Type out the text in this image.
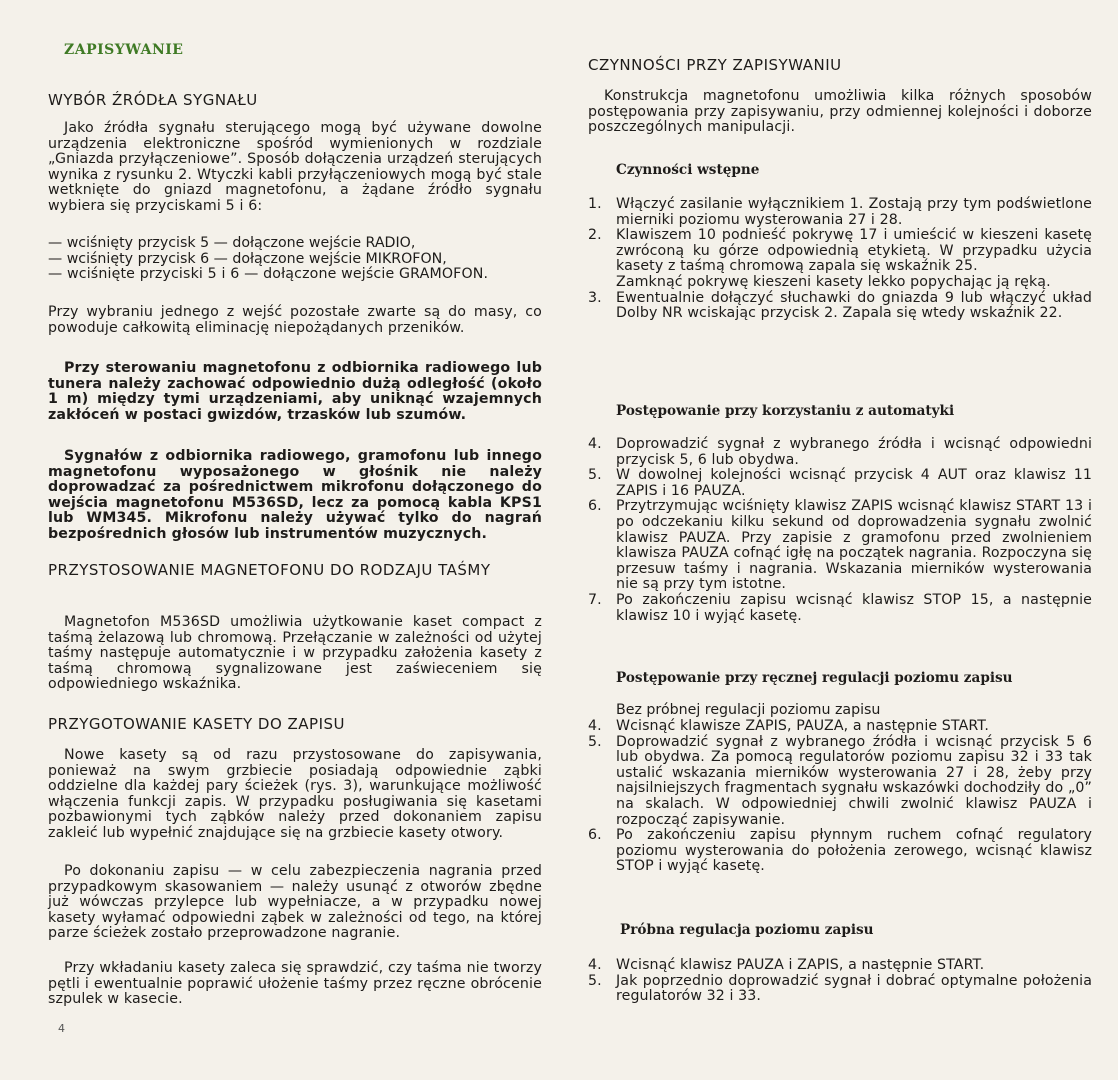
ZAPISYWANIE
WYBÓR ŹRÓDŁA SYGNAŁU
Jako źródła sygnału sterującego mogą być używane dowolne urządzenia elektroniczne spośród wymienionych w rozdziale „Gniazda przyłączeniowe”. Sposób dołączenia urządzeń sterujących wynika z rysunku 2. Wtyczki kabli przyłączeniowych mogą być stale wetknięte do gniazd magnetofonu, a żądane źródło sygnału wybiera się przyciskami 5 i 6:
— wciśnięty przycisk 5 — dołączone wejście RADIO,
— wciśnięty przycisk 6 — dołączone wejście MIKROFON,
— wciśnięte przyciski 5 i 6 — dołączone wejście GRAMOFON.
Przy wybraniu jednego z wejść pozostałe zwarte są do masy, co powoduje całkowitą eliminację niepożądanych przeników.
Przy sterowaniu magnetofonu z odbiornika radiowego lub tunera należy zachować odpowiednio dużą odległość (około 1 m) między tymi urządzeniami, aby uniknąć wzajemnych zakłóceń w postaci gwizdów, trzasków lub szumów.
Sygnałów z odbiornika radiowego, gramofonu lub innego magnetofonu wyposażonego w głośnik nie należy doprowadzać za pośrednictwem mikrofonu dołączonego do wejścia magnetofonu M536SD, lecz za pomocą kabla KPS1 lub WM345. Mikrofonu należy używać tylko do nagrań bezpośrednich głosów lub instrumentów muzycznych.
PRZYSTOSOWANIE MAGNETOFONU DO RODZAJU TAŚMY
Magnetofon M536SD umożliwia użytkowanie kaset compact z taśmą żelazową lub chromową. Przełączanie w zależności od użytej taśmy następuje automatycznie i w przypadku założenia kasety z taśmą chromową sygnalizowane jest zaświeceniem się odpowiedniego wskaźnika.
PRZYGOTOWANIE KASETY DO ZAPISU
Nowe kasety są od razu przystosowane do zapisywania, ponieważ na swym grzbiecie posiadają odpowiednie ząbki oddzielne dla każdej pary ścieżek (rys. 3), warunkujące możliwość włączenia funkcji zapis. W przypadku posługiwania się kasetami pozbawionymi tych ząbków należy przed dokonaniem zapisu zakleić lub wypełnić znajdujące się na grzbiecie kasety otwory.
Po dokonaniu zapisu — w celu zabezpieczenia nagrania przed przypadkowym skasowaniem — należy usunąć z otworów zbędne już wówczas przylepce lub wypełniacze, a w przypadku nowej kasety wyłamać odpowiedni ząbek w zależności od tego, na której parze ścieżek zostało przeprowadzone nagranie.
Przy wkładaniu kasety zaleca się sprawdzić, czy taśma nie tworzy pętli i ewentualnie poprawić ułożenie taśmy przez ręczne obrócenie szpulek w kasecie.
4
CZYNNOŚCI PRZY ZAPISYWANIU
Konstrukcja magnetofonu umożliwia kilka różnych sposobów postępowania przy zapisywaniu, przy odmiennej kolejności i doborze poszczególnych manipulacji.
Czynności wstępne
1. Włączyć zasilanie wyłącznikiem 1. Zostają przy tym podświetlone mierniki poziomu wysterowania 27 i 28.
2. Klawiszem 10 podnieść pokrywę 17 i umieścić w kieszeni kasetę zwróconą ku górze odpowiednią etykietą. W przypadku użycia kasety z taśmą chromową zapala się wskaźnik 25.
Zamknąć pokrywę kieszeni kasety lekko popychając ją ręką.
3. Ewentualnie dołączyć słuchawki do gniazda 9 lub włączyć układ Dolby NR wciskając przycisk 2. Zapala się wtedy wskaźnik 22.
Postępowanie przy korzystaniu z automatyki
4. Doprowadzić sygnał z wybranego źródła i wcisnąć odpowiedni przycisk 5, 6 lub obydwa.
5. W dowolnej kolejności wcisnąć przycisk 4 AUT oraz klawisz 11 ZAPIS i 16 PAUZA.
6. Przytrzymując wciśnięty klawisz ZAPIS wcisnąć klawisz START 13 i po odczekaniu kilku sekund od doprowadzenia sygnału zwolnić klawisz PAUZA. Przy zapisie z gramofonu przed zwolnieniem klawisza PAUZA cofnąć igłę na początek nagrania. Rozpoczyna się przesuw taśmy i nagrania. Wskazania mierników wysterowania nie są przy tym istotne.
7. Po zakończeniu zapisu wcisnąć klawisz STOP 15, a następnie klawisz 10 i wyjąć kasetę.
Postępowanie przy ręcznej regulacji poziomu zapisu
Bez próbnej regulacji poziomu zapisu
4. Wcisnąć klawisze ZAPIS, PAUZA, a następnie START.
5. Doprowadzić sygnał z wybranego źródła i wcisnąć przycisk 5 6 lub obydwa. Za pomocą regulatorów poziomu zapisu 32 i 33 tak ustalić wskazania mierników wysterowania 27 i 28, żeby przy najsilniejszych fragmentach sygnału wskazówki dochodziły do „0” na skalach. W odpowiedniej chwili zwolnić klawisz PAUZA i rozpocząć zapisywanie.
6. Po zakończeniu zapisu płynnym ruchem cofnąć regulatory poziomu wysterowania do położenia zerowego, wcisnąć klawisz STOP i wyjąć kasetę.
Próbna regulacja poziomu zapisu
4. Wcisnąć klawisz PAUZA i ZAPIS, a następnie START.
5. Jak poprzednio doprowadzić sygnał i dobrać optymalne położenia regulatorów 32 i 33.
